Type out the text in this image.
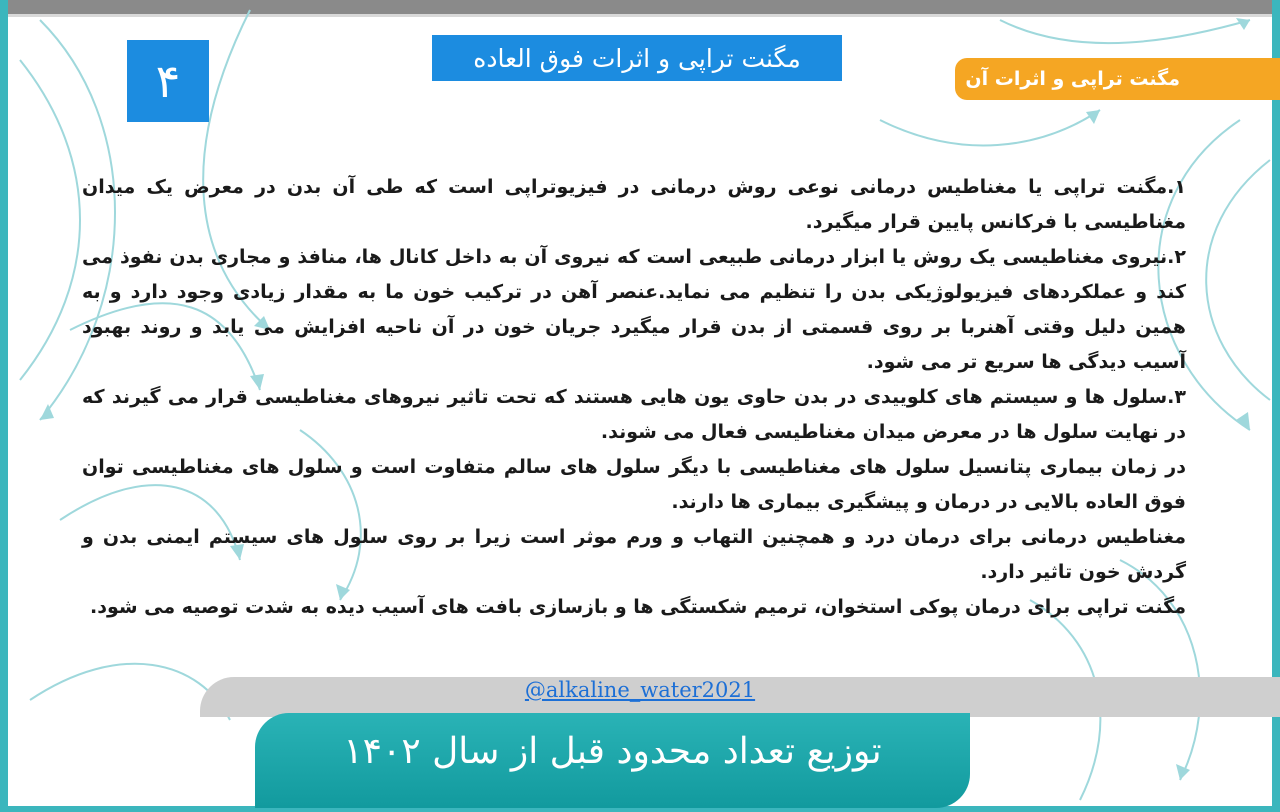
۴	مگنت تراپی و اثرات فوق العاده
مگنت تراپی و اثرات آن

۱.مگنت تراپی یا مغناطیس درمانی نوعی روش درمانی در فیزیوتراپی است که طی آن بدن در معرض یک میدان مغناطیسی با فرکانس پایین قرار میگیرد.

۲.نیروی مغناطیسی یک روش یا ابزار درمانی طبیعی است که نیروی آن به داخل کانال ها، منافذ و مجاری بدن نفوذ می کند و عملکردهای فیزیولوژیکی بدن را تنظیم می نماید.عنصر آهن در ترکیب خون ما به مقدار زیادی وجود دارد و به همین دلیل وقتی آهنربا بر روی قسمتی از بدن قرار میگیرد جریان خون در آن ناحیه افزایش می یابد و روند بهبود آسیب دیدگی ها سریع تر می شود.

۳.سلول ها و سیستم های کلوییدی در بدن حاوی یون هایی هستند که تحت تاثیر نیروهای مغناطیسی قرار می گیرند که در نهایت سلول ها در معرض میدان مغناطیسی فعال می شوند.

در زمان بیماری پتانسیل سلول های مغناطیسی با دیگر سلول های سالم متفاوت است و سلول های مغناطیسی توان فوق العاده بالایی در درمان و پیشگیری بیماری ها دارند.

مغناطیس درمانی برای درمان درد و همچنین التهاب و ورم موثر است زیرا بر روی سلول های سیستم ایمنی بدن و گردش خون تاثیر دارد.

مگنت تراپی برای درمان پوکی استخوان، ترمیم شکستگی ها و بازسازی بافت های آسیب دیده به شدت توصیه می شود.

@alkaline_water2021
توزیع تعداد محدود قبل از سال ۱۴۰۲
